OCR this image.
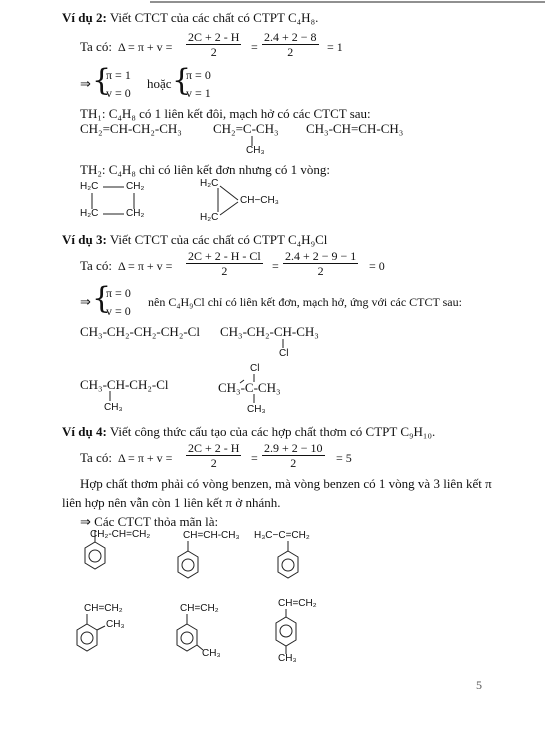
Ví dụ 2: Viết CTCT của các chất có CTPT C₄H₈.
Ta có: $\Delta = \pi + v = \frac{2C + 2 - H}{2} = \frac{2.4 + 2 - 8}{2} = 1$
⇒ {
π = 1
v = 0
hoặc {
π = 0
v = 1
TH₁: C₄H₈ có 1 liên kết đôi, mạch hở có các CTCT sau:
CH₂=CH-CH₂-CH₃ CH₂=C-CH₃
CH₃
CH₃-CH=CH-CH₃
TH₂: C₄H₈ chỉ có liên kết đơn nhưng có 1 vòng:
H₂C	CH₂
H₂C	CH₂
H₂C
CH−CH₃
H₂C
Ví dụ 3: Viết CTCT của các chất có CTPT C₄H₉Cl
Ta có: $\Delta = \pi + v = \frac{2C + 2 - H - Cl}{2} = \frac{2.4 + 2 - 9 - 1}{2} = 0$
⇒ {
π = 0
v = 0
nên C₄H₉Cl chỉ có liên kết đơn, mạch hở, ứng với các CTCT sau:
CH₃-CH₂-CH₂-CH₂-Cl CH₃-CH₂-CH-CH₃
Cl
CH₃-CH-CH₂-Cl
CH₃
Cl
CH₃-C-CH₃
CH₃
Ví dụ 4: Viết công thức cấu tạo của các hợp chất thơm có CTPT C₉H₁₀.
Ta có: $\Delta = \pi + v = \frac{2C + 2 - H}{2} = \frac{2.9 + 2 - 10}{2} = 5$
Hợp chất thơm phải có vòng benzen, mà vòng benzen có 1 vòng và 3 liên kết π
liên hợp nên vẫn còn 1 liên kết π ở nhánh.
⇒ Các CTCT thỏa mãn là:
CH₂-CH=CH₂	CH=CH-CH₃ H₃C−C=CH₂
CH=CH₂
CH₃
CH=CH₂
CH₃
CH=CH₂
CH₃
5
